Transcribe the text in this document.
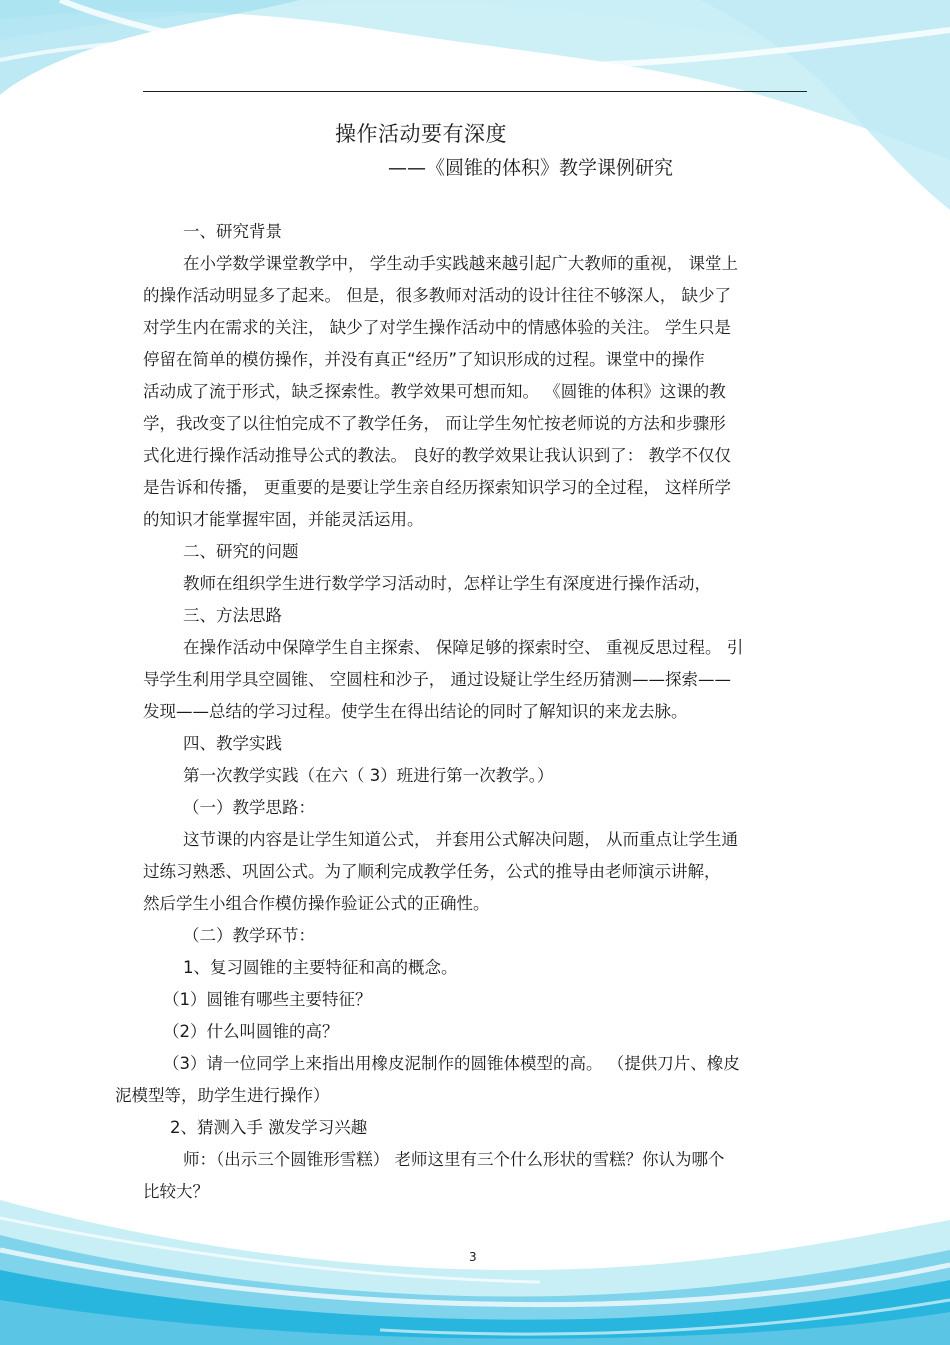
操作活动要有深度
——《圆锥的体积》教学课例研究
一、研究背景
在小学数学课堂教学中， 学生动手实践越来越引起广大教师的重视， 课堂上
的操作活动明显多了起来。 但是，很多教师对活动的设计往往不够深人， 缺少了
对学生内在需求的关注， 缺少了对学生操作活动中的情感体验的关注。 学生只是
停留在简单的模仿操作，并没有真正“经历”了知识形成的过程。课堂中的操作
活动成了流于形式，缺乏探索性。教学效果可想而知。 《圆锥的体积》这课的教
学，我改变了以往怕完成不了教学任务， 而让学生匆忙按老师说的方法和步骤形
式化进行操作活动推导公式的教法。 良好的教学效果让我认识到了： 教学不仅仅
是告诉和传播， 更重要的是要让学生亲自经历探索知识学习的全过程， 这样所学
的知识才能掌握牢固，并能灵活运用。
二、研究的问题
教师在组织学生进行数学学习活动时，怎样让学生有深度进行操作活动，
三、方法思路
在操作活动中保障学生自主探索、 保障足够的探索时空、 重视反思过程。 引
导学生利用学具空圆锥、 空圆柱和沙子， 通过设疑让学生经历猜测——探索——
发现——总结的学习过程。使学生在得出结论的同时了解知识的来龙去脉。
四、教学实践
第一次教学实践（在六（ 3）班进行第一次教学。）
（一）教学思路：
这节课的内容是让学生知道公式， 并套用公式解决问题， 从而重点让学生通
过练习熟悉、巩固公式。为了顺利完成教学任务，公式的推导由老师演示讲解，
然后学生小组合作模仿操作验证公式的正确性。
（二）教学环节：
1、复习圆锥的主要特征和高的概念。
（1）圆锥有哪些主要特征？
（2）什么叫圆锥的高？
（3）请一位同学上来指出用橡皮泥制作的圆锥体模型的高。 （提供刀片、橡皮
泥模型等，助学生进行操作）
2、猜测入手 激发学习兴趣
师：（出示三个圆锥形雪糕） 老师这里有三个什么形状的雪糕？你认为哪个
比较大？
3
